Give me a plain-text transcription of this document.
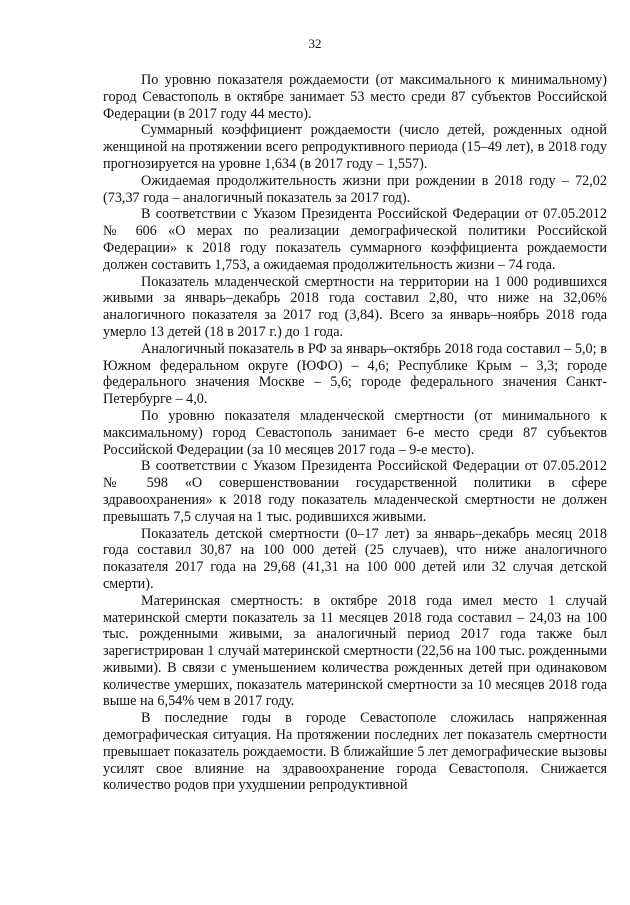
32

По уровню показателя рождаемости (от максимального к минимальному) город Севастополь в октябре занимает 53 место среди 87 субъектов Российской Федерации (в 2017 году 44 место).

Суммарный коэффициент рождаемости (число детей, рожденных одной женщиной на протяжении всего репродуктивного периода (15–49 лет), в 2018 году прогнозируется на уровне 1,634 (в 2017 году – 1,557).

Ожидаемая продолжительность жизни при рождении в 2018 году – 72,02 (73,37 года – аналогичный показатель за 2017 год).

В соответствии с Указом Президента Российской Федерации от 07.05.2012 № 606 «О мерах по реализации демографической политики Российской Федерации» к 2018 году показатель суммарного коэффициента рождаемости должен составить 1,753, а ожидаемая продолжительность жизни – 74 года.

Показатель младенческой смертности на территории на 1 000 родившихся живыми за январь–декабрь 2018 года составил 2,80, что ниже на 32,06% аналогичного показателя за 2017 год (3,84). Всего за январь–ноябрь 2018 года умерло 13 детей (18 в 2017 г.) до 1 года.

Аналогичный показатель в РФ за январь–октябрь 2018 года составил – 5,0; в Южном федеральном округе (ЮФО) – 4,6; Республике Крым – 3,3; городе федерального значения Москве – 5,6; городе федерального значения Санкт-Петербурге – 4,0.

По уровню показателя младенческой смертности (от минимального к максимальному) город Севастополь занимает 6-е место среди 87 субъектов Российской Федерации (за 10 месяцев 2017 года – 9-е место).

В соответствии с Указом Президента Российской Федерации от 07.05.2012 № 598 «О совершенствовании государственной политики в сфере здравоохранения» к 2018 году показатель младенческой смертности не должен превышать 7,5 случая на 1 тыс. родившихся живыми.

Показатель детской смертности (0–17 лет) за январь–декабрь месяц 2018 года составил 30,87 на 100 000 детей (25 случаев), что ниже аналогичного показателя 2017 года на 29,68 (41,31 на 100 000 детей или 32 случая детской смерти).

Материнская смертность: в октябре 2018 года имел место 1 случай материнской смерти показатель за 11 месяцев 2018 года составил – 24,03 на 100 тыс. рожденными живыми, за аналогичный период 2017 года также был зарегистрирован 1 случай материнской смертности (22,56 на 100 тыс. рожденными живыми). В связи с уменьшением количества рожденных детей при одинаковом количестве умерших, показатель материнской смертности за 10 месяцев 2018 года выше на 6,54% чем в 2017 году.

В последние годы в городе Севастополе сложилась напряженная демографическая ситуация. На протяжении последних лет показатель смертности превышает показатель рождаемости. В ближайшие 5 лет демографические вызовы усилят свое влияние на здравоохранение города Севастополя. Снижается количество родов при ухудшении репродуктивной
